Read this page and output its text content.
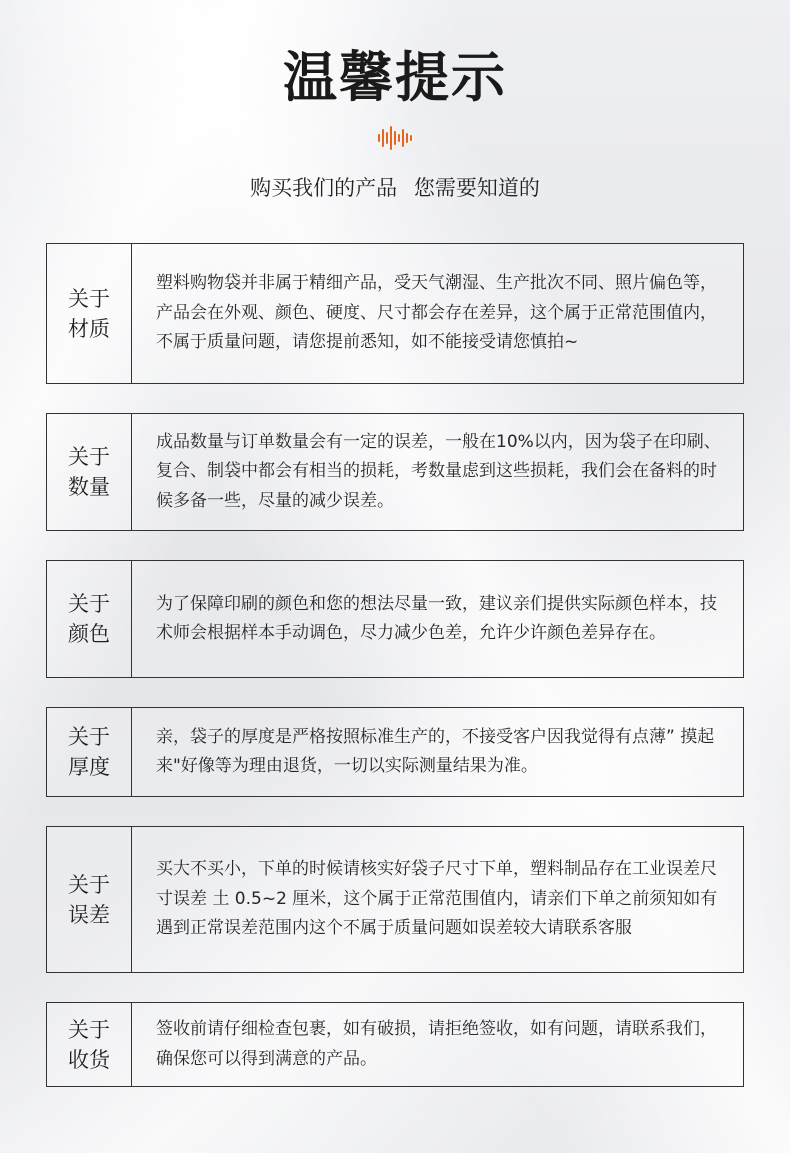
温馨提示
购买我们的产品 您需要知道的
关于
材质
塑料购物袋并非属于精细产品，受天气潮湿、生产批次不同、照片偏色等，产品会在外观、颜色、硬度、尺寸都会存在差异，这个属于正常范围值内，不属于质量问题，请您提前悉知，如不能接受请您慎拍~
关于
数量
成品数量与订单数量会有一定的误差，一般在10%以内，因为袋子在印刷、复合、制袋中都会有相当的损耗，考数量虑到这些损耗，我们会在备料的时候多备一些，尽量的减少误差。
关于
颜色
为了保障印刷的颜色和您的想法尽量一致，建议亲们提供实际颜色样本，技术师会根据样本手动调色，尽力减少色差，允许少许颜色差异存在。
关于
厚度
亲，袋子的厚度是严格按照标准生产的，不接受客户因我觉得有点薄” 摸起来"好像等为理由退货，一切以实际测量结果为准。
关于
误差
买大不买小，下单的时候请核实好袋子尺寸下单，塑料制品存在工业误差尺寸误差 土 0.5~2 厘米，这个属于正常范围值内，请亲们下单之前须知如有遇到正常误差范围内这个不属于质量问题如误差较大请联系客服
关于
收货
签收前请仔细检查包裹，如有破损，请拒绝签收，如有问题，请联系我们，确保您可以得到满意的产品。
